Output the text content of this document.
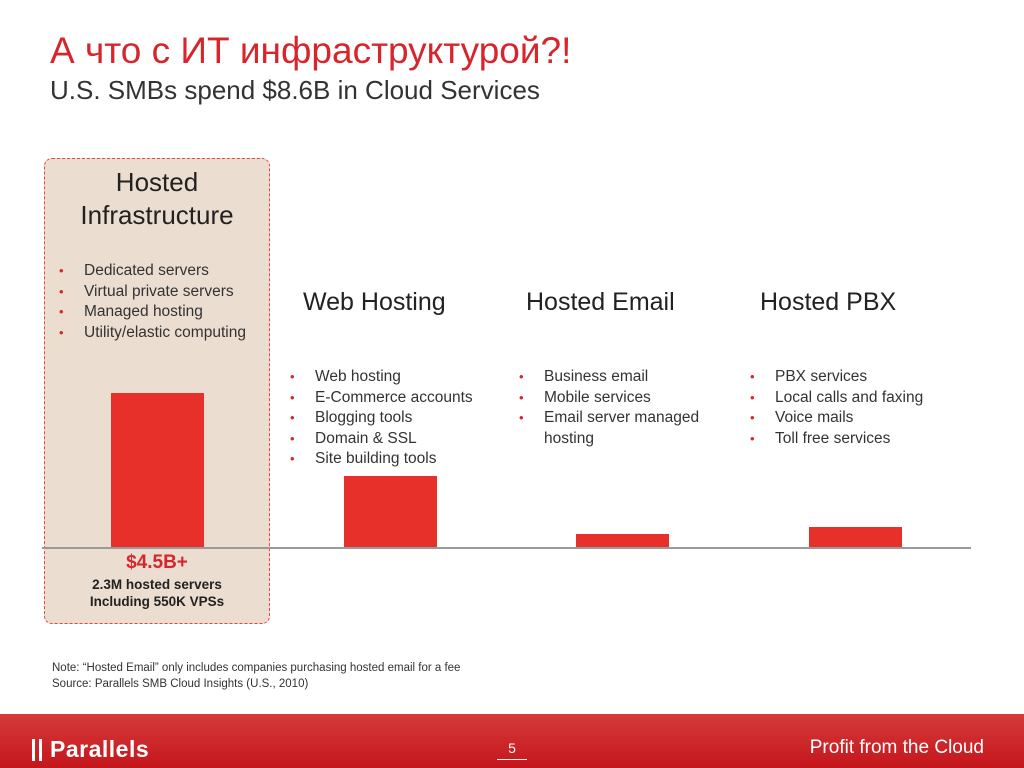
А что с ИТ инфраструктурой?!
U.S. SMBs spend $8.6B in Cloud Services
Hosted
Infrastructure
• Dedicated servers
• Virtual private servers
• Managed hosting
• Utility/elastic computing
Web Hosting	Hosted Email	Hosted PBX
• Web hosting
• E-Commerce accounts
• Blogging tools
• Domain & SSL
• Site building tools
• Business email
• Mobile services
• Email server managed hosting
• PBX services
• Local calls and faxing
• Voice mails
• Toll free services
$4.5B+
2.3M hosted servers
Including 550K VPSs
Note: “Hosted Email” only includes companies purchasing hosted email for a fee
Source: Parallels SMB Cloud Insights (U.S., 2010)
Parallels	5	Profit from the Cloud
